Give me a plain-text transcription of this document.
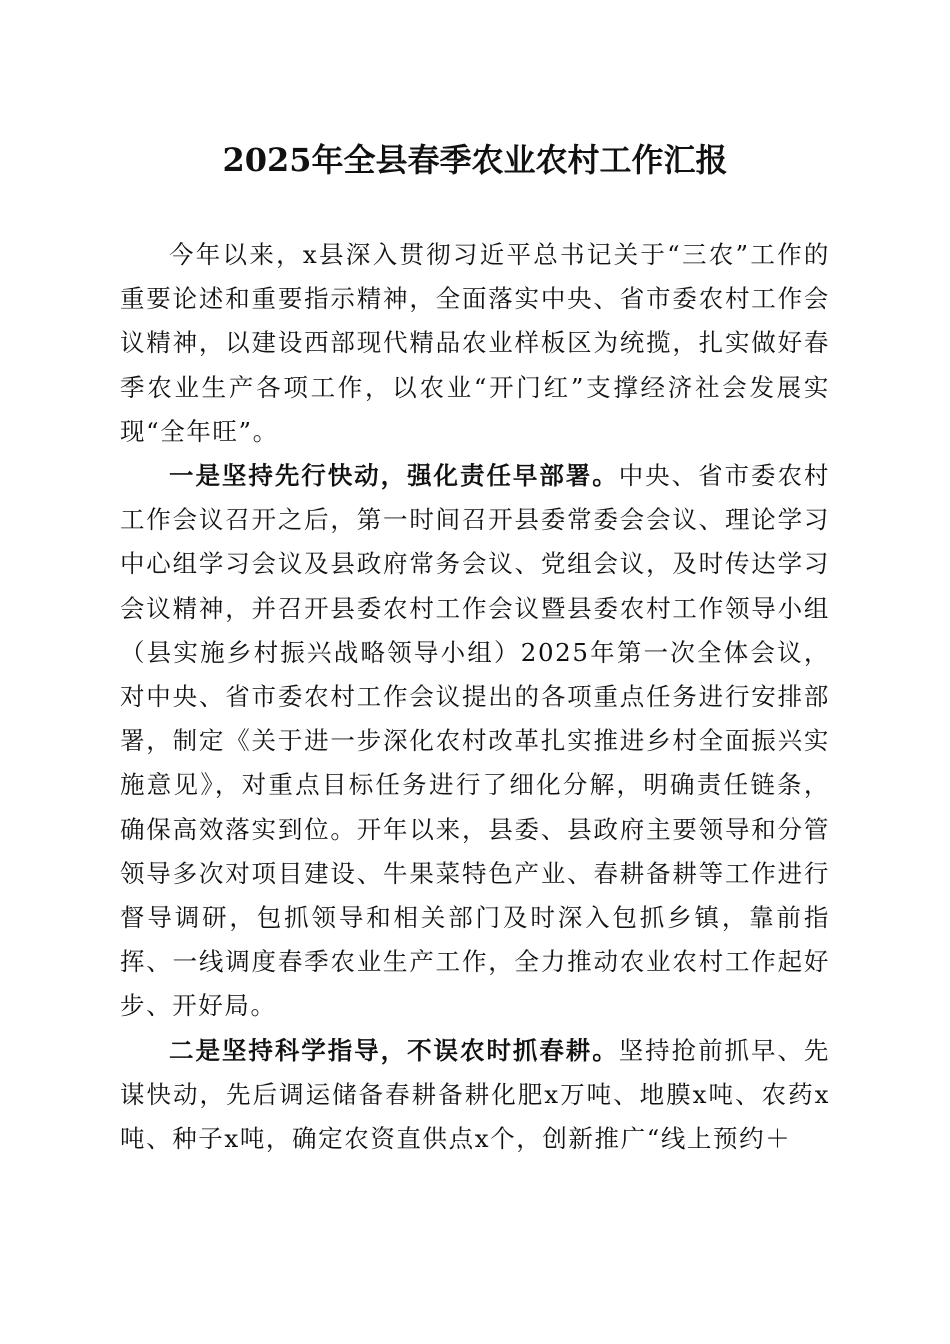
2025年全县春季农业农村工作汇报

今年以来，x县深入贯彻习近平总书记关于“三农”工作的重要论述和重要指示精神，全面落实中央、省市委农村工作会议精神，以建设西部现代精品农业样板区为统揽，扎实做好春季农业生产各项工作，以农业“开门红”支撑经济社会发展实现“全年旺”。

一是坚持先行快动，强化责任早部署。中央、省市委农村工作会议召开之后，第一时间召开县委常委会会议、理论学习中心组学习会议及县政府常务会议、党组会议，及时传达学习会议精神，并召开县委农村工作会议暨县委农村工作领导小组（县实施乡村振兴战略领导小组）2025年第一次全体会议，对中央、省市委农村工作会议提出的各项重点任务进行安排部署，制定《关于进一步深化农村改革扎实推进乡村全面振兴实施意见》，对重点目标任务进行了细化分解，明确责任链条，确保高效落实到位。开年以来，县委、县政府主要领导和分管领导多次对项目建设、牛果菜特色产业、春耕备耕等工作进行督导调研，包抓领导和相关部门及时深入包抓乡镇，靠前指挥、一线调度春季农业生产工作，全力推动农业农村工作起好步、开好局。

二是坚持科学指导，不误农时抓春耕。坚持抢前抓早、先谋快动，先后调运储备春耕备耕化肥x万吨、地膜x吨、农药x吨、种子x吨，确定农资直供点x个，创新推广“线上预约＋
